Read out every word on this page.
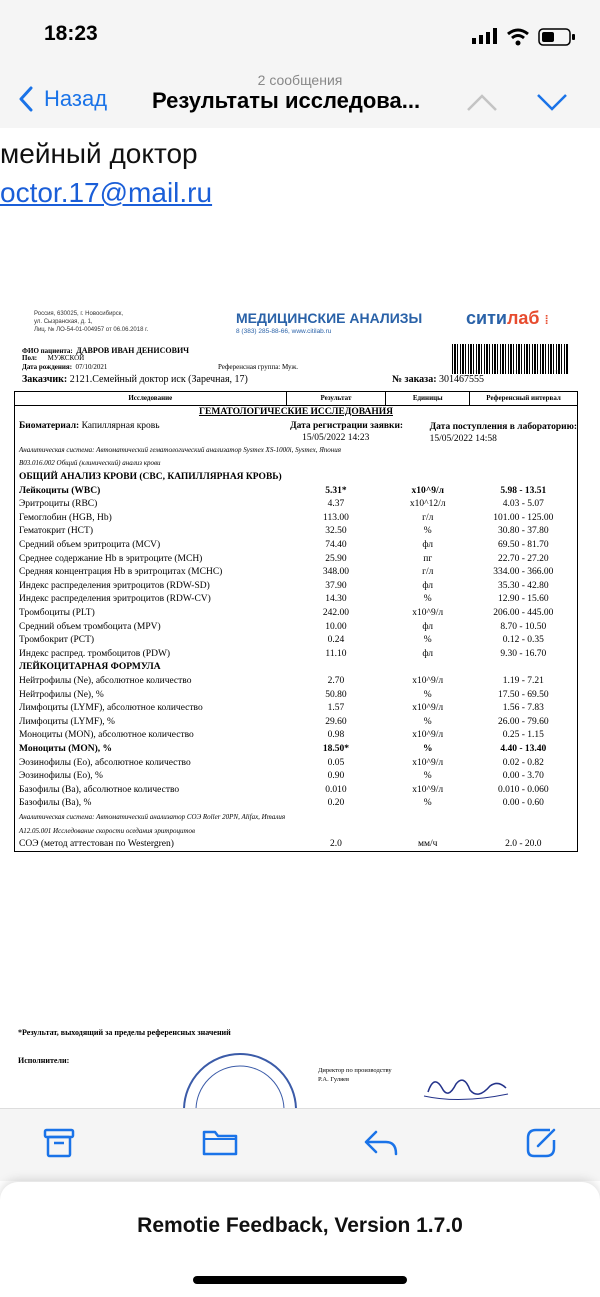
18:23
2 сообщения
Назад Результаты исследова...
мейный доктор
octor.17@mail.ru
Россия, 630025, г. Новосибирск,
ул. Сызранская, д. 1,
Лиц. № ЛО-54-01-004957 от 06.06.2018 г.
МЕДИЦИНСКИЕ АНАЛИЗЫ
8 (383) 285-88-66, www.citilab.ru
ситилаб ⁞
ФИО пациента: ДАВРОВ ИВАН ДЕНИСОВИЧ
Пол: МУЖСКОЙ
Дата рождения: 07/10/2021	Референсная группа: Муж.
Заказчик: 2121.Семейный доктор иск (Заречная, 17)	№ заказа: 301467555
Исследование	Результат	Единицы	Референсный интервал
ГЕМАТОЛОГИЧЕСКИЕ ИССЛЕДОВАНИЯ			
Биоматериал: Капиллярная кровь	Дата регистрации заявки:
15/05/2022 14:23		Дата поступления в лабораторию:
15/05/2022 14:58

Аналитическая система: Автоматический гематологический анализатор Sysmex XS-1000i, Sysmex, Япония			
B03.016.002 Общий (клинический) анализ крови			
ОБЩИЙ АНАЛИЗ КРОВИ (CBC, КАПИЛЛЯРНАЯ КРОВЬ)			
Лейкоциты (WBC)	5.31*	x10^9/л	5.98 - 13.51
Эритроциты (RBC)	4.37	x10^12/л	4.03 - 5.07
Гемоглобин (HGB, Hb)	113.00	г/л	101.00 - 125.00
Гематокрит (HCT)	32.50	%	30.80 - 37.80
Средний объем эритроцита (MCV)	74.40	фл	69.50 - 81.70
Среднее содержание Hb в эритроците (MCH)	25.90	пг	22.70 - 27.20
Средняя концентрация Hb в эритроцитах (MCHC)	348.00	г/л	334.00 - 366.00
Индекс распределения эритроцитов (RDW-SD)	37.90	фл	35.30 - 42.80
Индекс распределения эритроцитов (RDW-CV)	14.30	%	12.90 - 15.60
Тромбоциты (PLT)	242.00	x10^9/л	206.00 - 445.00
Средний объем тромбоцита (MPV)	10.00	фл	8.70 - 10.50
Тромбокрит (PCT)	0.24	%	0.12 - 0.35
Индекс распред. тромбоцитов (PDW)	11.10	фл	9.30 - 16.70
ЛЕЙКОЦИТАРНАЯ ФОРМУЛА			
Нейтрофилы (Ne), абсолютное количество	2.70	x10^9/л	1.19 - 7.21
Нейтрофилы (Ne), %	50.80	%	17.50 - 69.50
Лимфоциты (LYMF), абсолютное количество	1.57	x10^9/л	1.56 - 7.83
Лимфоциты (LYMF), %	29.60	%	26.00 - 79.60
Моноциты (MON), абсолютное количество	0.98	x10^9/л	0.25 - 1.15
Моноциты (MON), %	18.50*	%	4.40 - 13.40
Эозинофилы (Eo), абсолютное количество	0.05	x10^9/л	0.02 - 0.82
Эозинофилы (Eo), %	0.90	%	0.00 - 3.70
Базофилы (Ba), абсолютное количество	0.010	x10^9/л	0.010 - 0.060
Базофилы (Ba), %	0.20	%	0.00 - 0.60
Аналитическая система: Автоматический анализатор СОЭ Roller 20PN, Alifax, Италия			
A12.05.001 Исследование скорости оседания эритроцитов			
СОЭ (метод аттестован по Westergren)	2.0	мм/ч	2.0 - 20.0
*Результат, выходящий за пределы референсных значений
Исполнители:
Директор по производству
Р.А. Гуляев
Remotie Feedback, Version 1.7.0
